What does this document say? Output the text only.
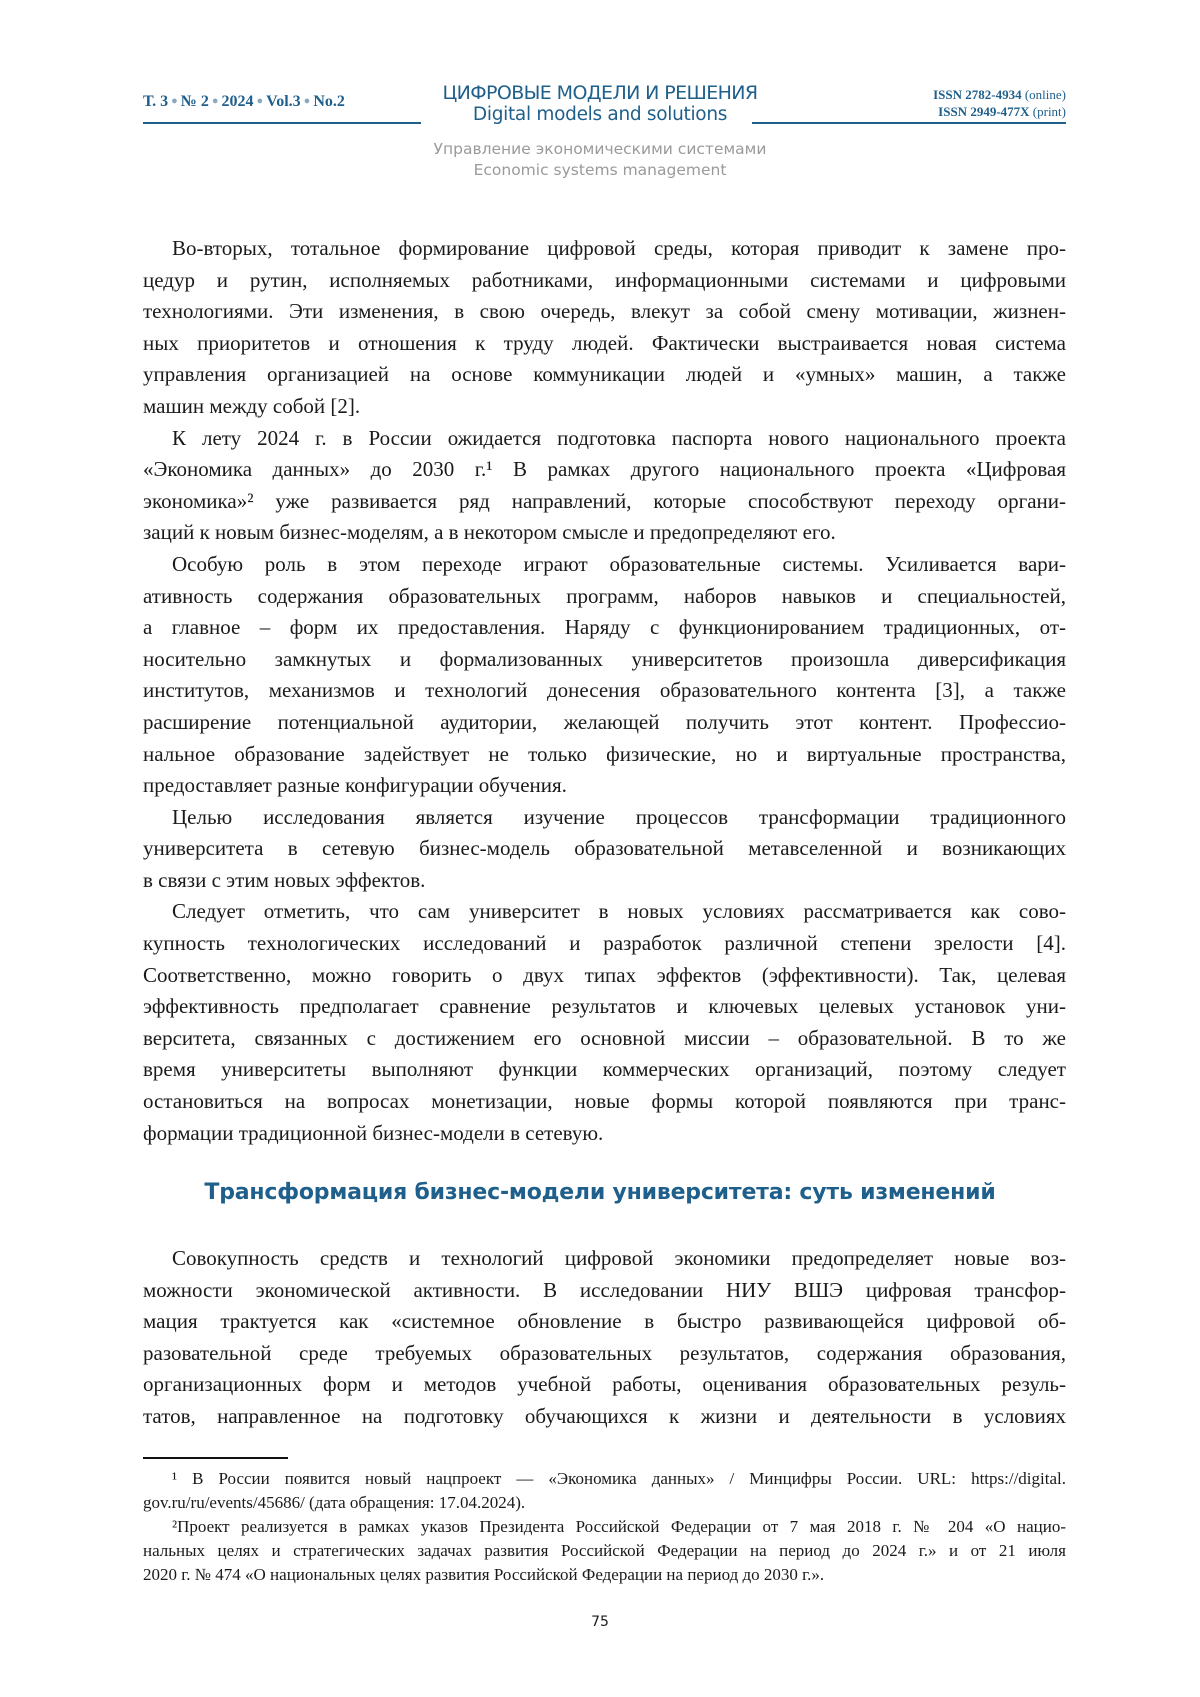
Т. 3 ● № 2 ● 2024 ● Vol.3 ● No.2	ЦИФРОВЫЕ МОДЕЛИ И РЕШЕНИЯ
Digital models and solutions
ISSN 2782-4934 (online)
ISSN 2949-477X (print)
Управление экономическими системами
Economic systems management
Во-вторых, тотальное формирование цифровой среды, которая приводит к замене про-
цедур и рутин, исполняемых работниками, информационными системами и цифровыми
технологиями. Эти изменения, в свою очередь, влекут за собой смену мотивации, жизнен-
ных приоритетов и отношения к труду людей. Фактически выстраивается новая система
управления организацией на основе коммуникации людей и «умных» машин, а также
машин между собой [2].
К лету 2024 г. в России ожидается подготовка паспорта нового национального проекта
«Экономика данных» до 2030 г.¹ В рамках другого национального проекта «Цифровая
экономика»² уже развивается ряд направлений, которые способствуют переходу органи-
заций к новым бизнес-моделям, а в некотором смысле и предопределяют его.
Особую роль в этом переходе играют образовательные системы. Усиливается вари-
ативность содержания образовательных программ, наборов навыков и специальностей,
а главное – форм их предоставления. Наряду с функционированием традиционных, от-
носительно замкнутых и формализованных университетов произошла диверсификация
институтов, механизмов и технологий донесения образовательного контента [3], а также
расширение потенциальной аудитории, желающей получить этот контент. Профессио-
нальное образование задействует не только физические, но и виртуальные пространства,
предоставляет разные конфигурации обучения.
Целью исследования является изучение процессов трансформации традиционного
университета в сетевую бизнес-модель образовательной метавселенной и возникающих
в связи с этим новых эффектов.
Следует отметить, что сам университет в новых условиях рассматривается как сово-
купность технологических исследований и разработок различной степени зрелости [4].
Соответственно, можно говорить о двух типах эффектов (эффективности). Так, целевая
эффективность предполагает сравнение результатов и ключевых целевых установок уни-
верситета, связанных с достижением его основной миссии – образовательной. В то же
время университеты выполняют функции коммерческих организаций, поэтому следует
остановиться на вопросах монетизации, новые формы которой появляются при транс-
формации традиционной бизнес-модели в сетевую.
Трансформация бизнес-модели университета: суть изменений
Совокупность средств и технологий цифровой экономики предопределяет новые воз-
можности экономической активности. В исследовании НИУ ВШЭ цифровая трансфор-
мация трактуется как «системное обновление в быстро развивающейся цифровой об-
разовательной среде требуемых образовательных результатов, содержания образования,
организационных форм и методов учебной работы, оценивания образовательных резуль-
татов, направленное на подготовку обучающихся к жизни и деятельности в условиях
¹ В России появится новый нацпроект — «Экономика данных» / Минцифры России. URL: https://digital.
gov.ru/ru/events/45686/ (дата обращения: 17.04.2024).
²Проект реализуется в рамках указов Президента Российской Федерации от 7 мая 2018 г. № 204 «О нацио-
нальных целях и стратегических задачах развития Российской Федерации на период до 2024 г.» и от 21 июля
2020 г. № 474 «О национальных целях развития Российской Федерации на период до 2030 г.».
75
